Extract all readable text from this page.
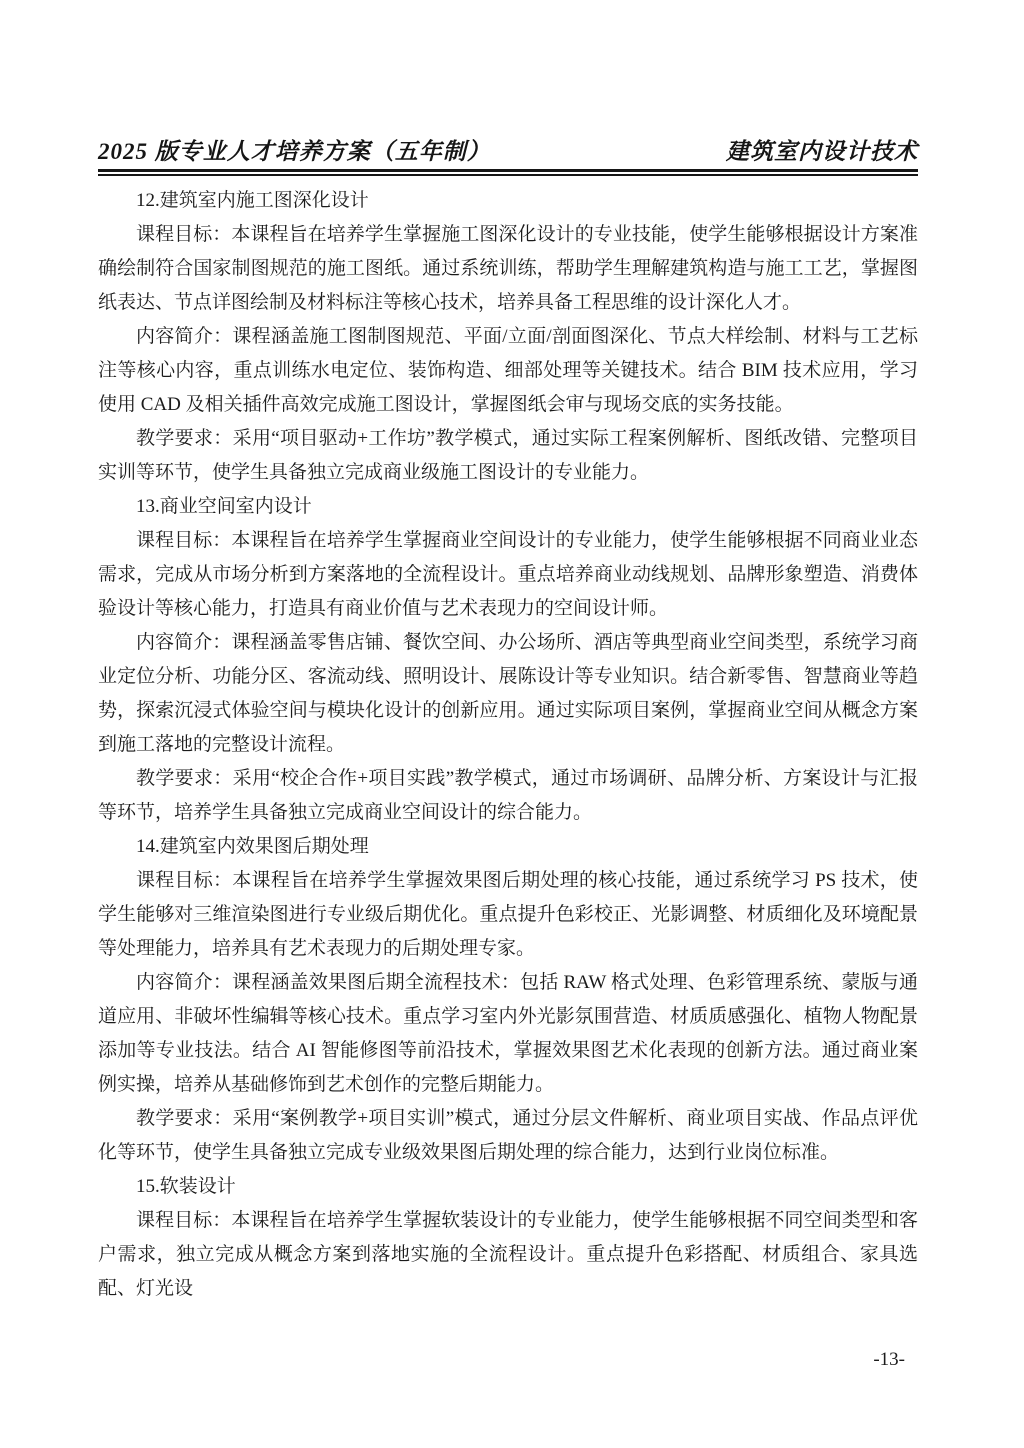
2025 版专业人才培养方案（五年制）	建筑室内设计技术
12.建筑室内施工图深化设计

课程目标：本课程旨在培养学生掌握施工图深化设计的专业技能，使学生能够根据设计方案准确绘制符合国家制图规范的施工图纸。通过系统训练，帮助学生理解建筑构造与施工工艺，掌握图纸表达、节点详图绘制及材料标注等核心技术，培养具备工程思维的设计深化人才。

内容简介：课程涵盖施工图制图规范、平面/立面/剖面图深化、节点大样绘制、材料与工艺标注等核心内容，重点训练水电定位、装饰构造、细部处理等关键技术。结合 BIM 技术应用，学习使用 CAD 及相关插件高效完成施工图设计，掌握图纸会审与现场交底的实务技能。

教学要求：采用“项目驱动+工作坊”教学模式，通过实际工程案例解析、图纸改错、完整项目实训等环节，使学生具备独立完成商业级施工图设计的专业能力。

13.商业空间室内设计

课程目标：本课程旨在培养学生掌握商业空间设计的专业能力，使学生能够根据不同商业业态需求，完成从市场分析到方案落地的全流程设计。重点培养商业动线规划、品牌形象塑造、消费体验设计等核心能力，打造具有商业价值与艺术表现力的空间设计师。

内容简介：课程涵盖零售店铺、餐饮空间、办公场所、酒店等典型商业空间类型，系统学习商业定位分析、功能分区、客流动线、照明设计、展陈设计等专业知识。结合新零售、智慧商业等趋势，探索沉浸式体验空间与模块化设计的创新应用。通过实际项目案例，掌握商业空间从概念方案到施工落地的完整设计流程。

教学要求：采用“校企合作+项目实践”教学模式，通过市场调研、品牌分析、方案设计与汇报等环节，培养学生具备独立完成商业空间设计的综合能力。

14.建筑室内效果图后期处理

课程目标：本课程旨在培养学生掌握效果图后期处理的核心技能，通过系统学习 PS 技术，使学生能够对三维渲染图进行专业级后期优化。重点提升色彩校正、光影调整、材质细化及环境配景等处理能力，培养具有艺术表现力的后期处理专家。

内容简介：课程涵盖效果图后期全流程技术：包括 RAW 格式处理、色彩管理系统、蒙版与通道应用、非破坏性编辑等核心技术。重点学习室内外光影氛围营造、材质质感强化、植物人物配景添加等专业技法。结合 AI 智能修图等前沿技术，掌握效果图艺术化表现的创新方法。通过商业案例实操，培养从基础修饰到艺术创作的完整后期能力。

教学要求：采用“案例教学+项目实训”模式，通过分层文件解析、商业项目实战、作品点评优化等环节，使学生具备独立完成专业级效果图后期处理的综合能力，达到行业岗位标准。

15.软装设计

课程目标：本课程旨在培养学生掌握软装设计的专业能力，使学生能够根据不同空间类型和客户需求，独立完成从概念方案到落地实施的全流程设计。重点提升色彩搭配、材质组合、家具选配、灯光设

-13-
